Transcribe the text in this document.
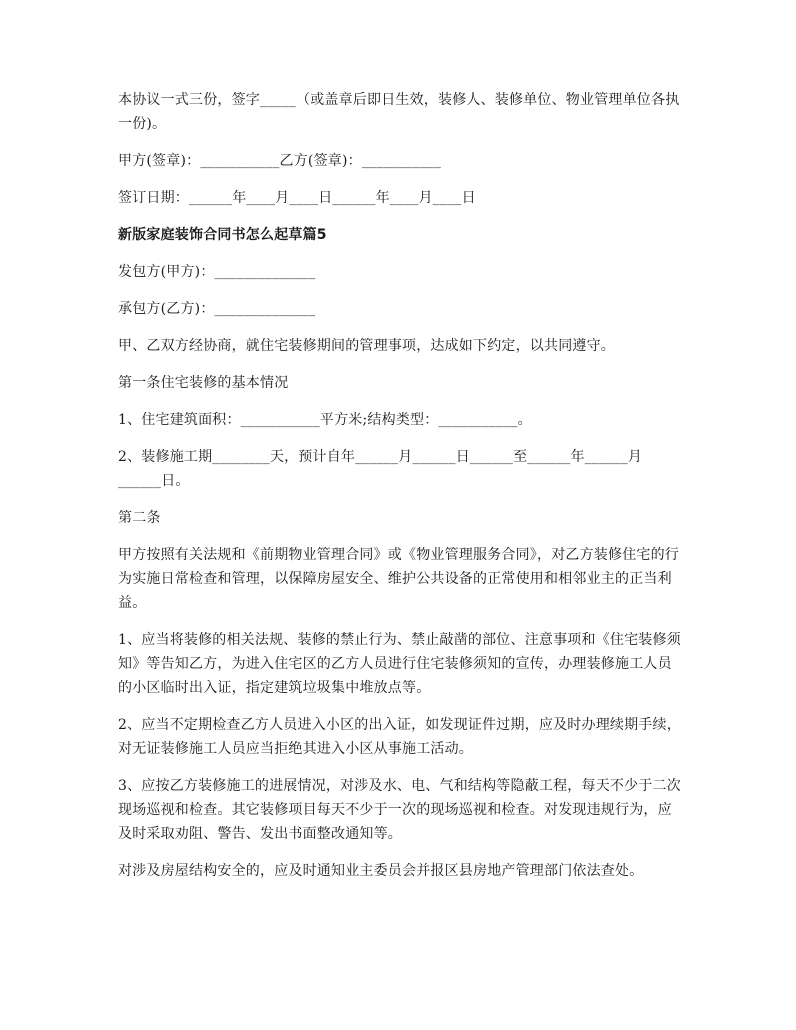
本协议一式三份，签字_____（或盖章后即日生效，装修人、装修单位、物业管理单位各执一份)。

甲方(签章)：___________乙方(签章)：___________

签订日期：______年____月____日______年____月____日

新版家庭装饰合同书怎么起草篇5

发包方(甲方)：______________

承包方(乙方)：______________

甲、乙双方经协商，就住宅装修期间的管理事项，达成如下约定，以共同遵守。

第一条住宅装修的基本情况

1、住宅建筑面积：___________平方米;结构类型：___________。

2、装修施工期________天，预计自年______月______日______至______年______月______日。

第二条

甲方按照有关法规和《前期物业管理合同》或《物业管理服务合同》，对乙方装修住宅的行为实施日常检查和管理，以保障房屋安全、维护公共设备的正常使用和相邻业主的正当利益。

1、应当将装修的相关法规、装修的禁止行为、禁止敲凿的部位、注意事项和《住宅装修须知》等告知乙方，为进入住宅区的乙方人员进行住宅装修须知的宣传，办理装修施工人员的小区临时出入证，指定建筑垃圾集中堆放点等。

2、应当不定期检查乙方人员进入小区的出入证，如发现证件过期，应及时办理续期手续，  对无证装修施工人员应当拒绝其进入小区从事施工活动。

3、应按乙方装修施工的进展情况，对涉及水、电、气和结构等隐蔽工程，每天不少于二次现场巡视和检查。其它装修项目每天不少于一次的现场巡视和检查。对发现违规行为，应及时采取劝阻、警告、发出书面整改通知等。

对涉及房屋结构安全的，应及时通知业主委员会并报区县房地产管理部门依法查处。
